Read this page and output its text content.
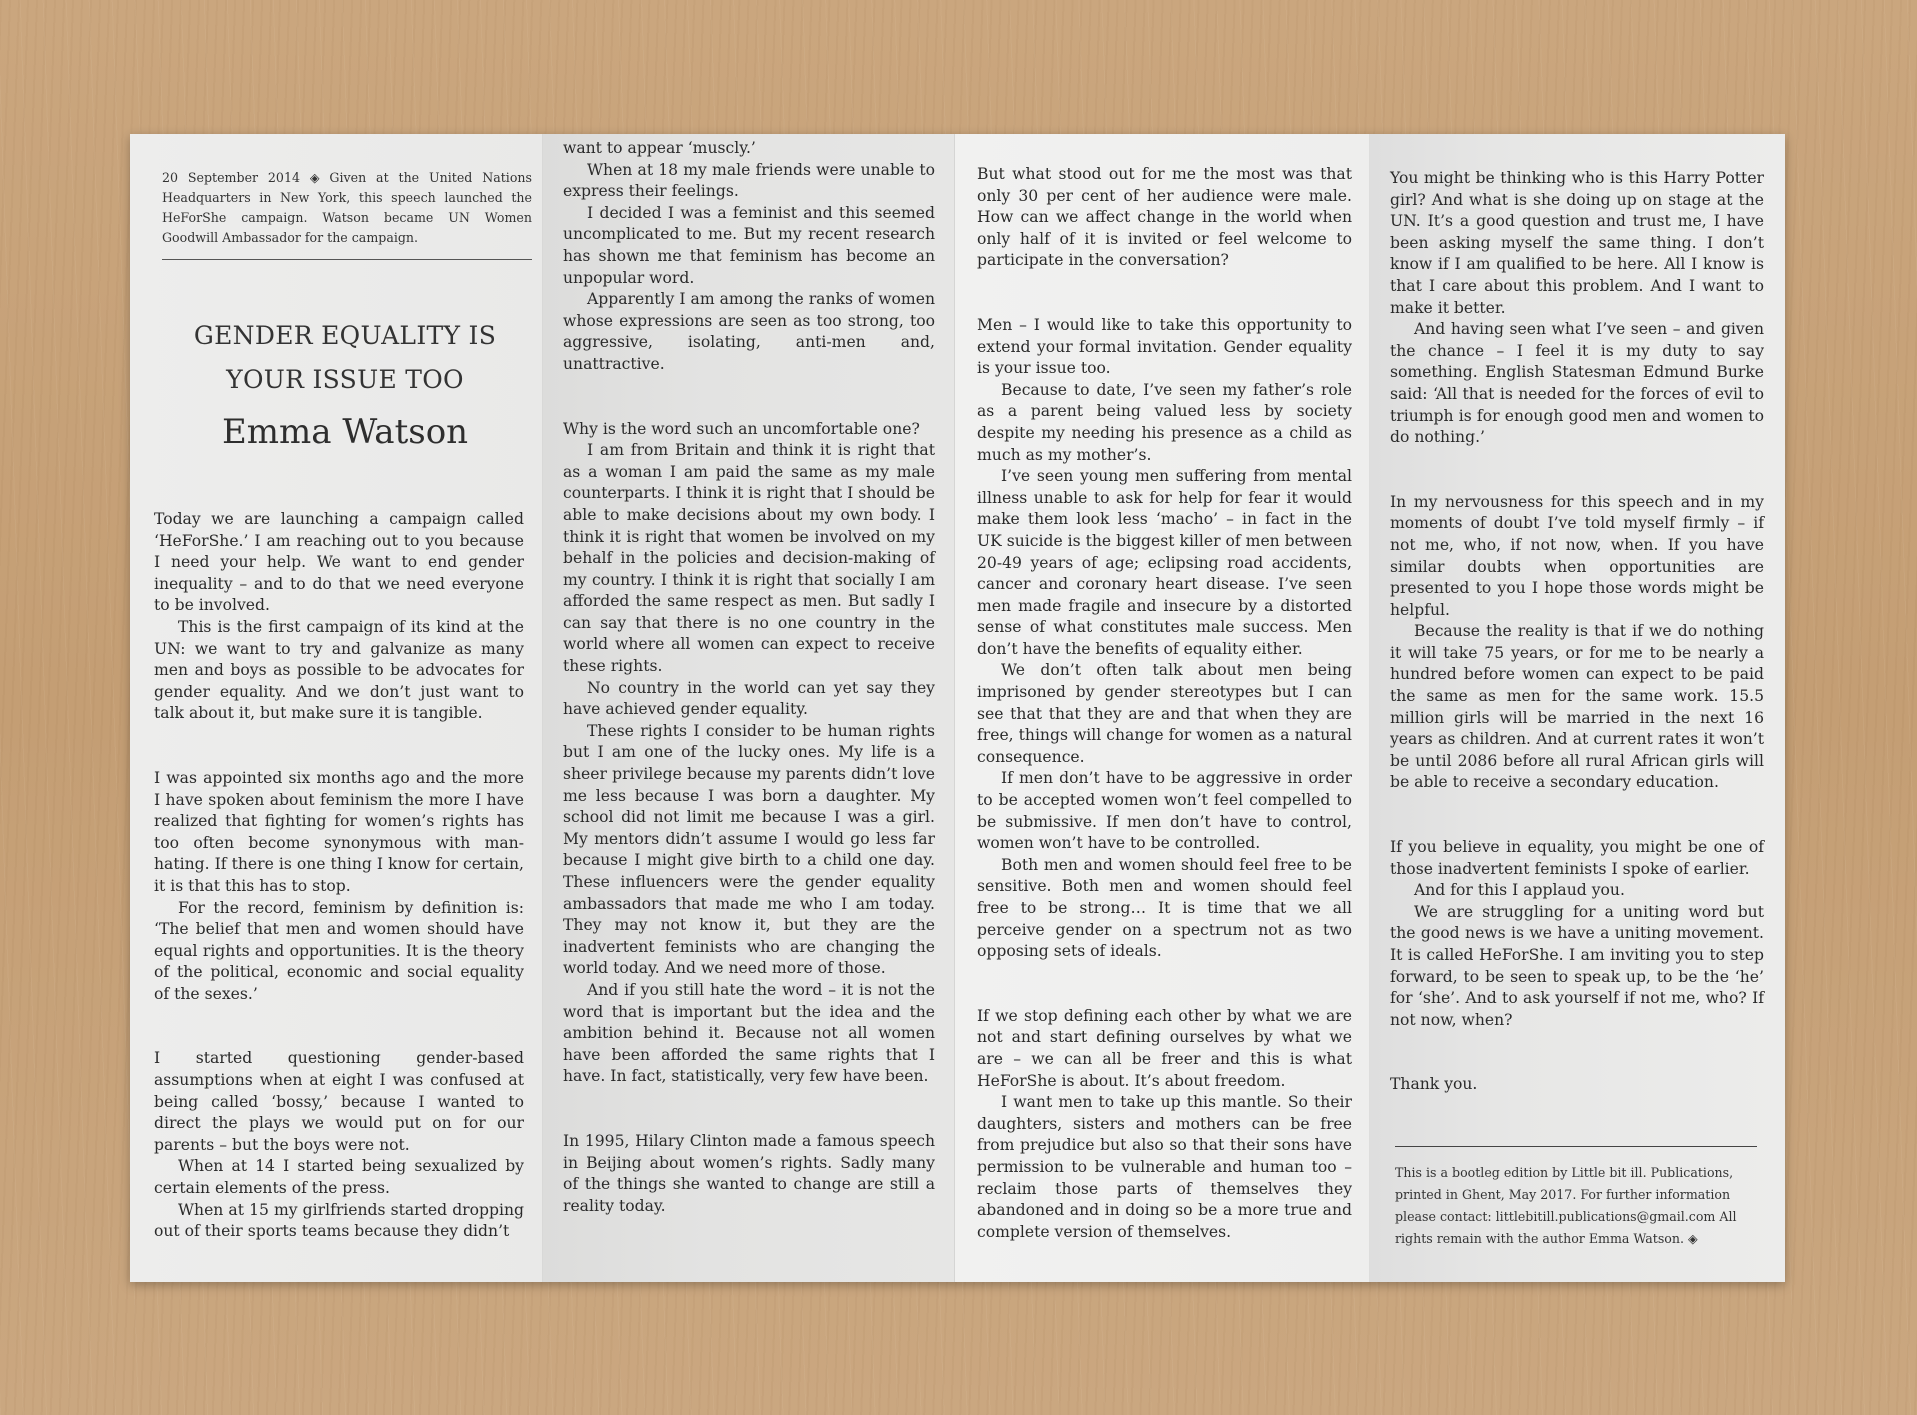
20 September 2014 ◈ Given at the United Nations Headquarters in New York, this speech launched the HeForShe campaign. Watson became UN Women Goodwill Ambassador for the campaign.
GENDER EQUALITY IS
YOUR ISSUE TOO
Emma Watson

Today we are launching a campaign called ‘HeForShe.’ I am reaching out to you because I need your help. We want to end gender inequality – and to do that we need everyone to be involved.

This is the first campaign of its kind at the UN: we want to try and galvanize as many men and boys as possible to be advocates for gender equality. And we don’t just want to talk about it, but make sure it is tangible.

I was appointed six months ago and the more I have spoken about feminism the more I have realized that fighting for women’s rights has too often become synonymous with man-hating. If there is one thing I know for certain, it is that this has to stop.

For the record, feminism by definition is: ‘The belief that men and women should have equal rights and opportunities. It is the theory of the political, economic and social equality of the sexes.’

I started questioning gender-based assumptions when at eight I was confused at being called ‘bossy,’ because I wanted to direct the plays we would put on for our parents – but the boys were not.

When at 14 I started being sexualized by certain elements of the press.

When at 15 my girlfriends started dropping out of their sports teams because they didn’t

want to appear ‘muscly.’

When at 18 my male friends were unable to express their feelings.

I decided I was a feminist and this seemed uncomplicated to me. But my recent research has shown me that feminism has become an unpopular word.

Apparently I am among the ranks of women whose expressions are seen as too strong, too aggressive, isolating, anti-men and, unattractive.

Why is the word such an uncomfortable one?

I am from Britain and think it is right that as a woman I am paid the same as my male counterparts. I think it is right that I should be able to make decisions about my own body. I think it is right that women be involved on my behalf in the policies and decision-making of my country. I think it is right that socially I am afforded the same respect as men. But sadly I can say that there is no one country in the world where all women can expect to receive these rights.

No country in the world can yet say they have achieved gender equality.

These rights I consider to be human rights but I am one of the lucky ones. My life is a sheer privilege because my parents didn’t love me less because I was born a daughter. My school did not limit me because I was a girl. My mentors didn’t assume I would go less far because I might give birth to a child one day. These influencers were the gender equality ambassadors that made me who I am today. They may not know it, but they are the inadvertent feminists who are changing the world today. And we need more of those.

And if you still hate the word – it is not the word that is important but the idea and the ambition behind it. Because not all women have been afforded the same rights that I have. In fact, statistically, very few have been.

In 1995, Hilary Clinton made a famous speech in Beijing about women’s rights. Sadly many of the things she wanted to change are still a reality today.

But what stood out for me the most was that only 30 per cent of her audience were male. How can we affect change in the world when only half of it is invited or feel welcome to participate in the conversation?

Men – I would like to take this opportunity to extend your formal invitation. Gender equality is your issue too.

Because to date, I’ve seen my father’s role as a parent being valued less by society despite my needing his presence as a child as much as my mother’s.

I’ve seen young men suffering from mental illness unable to ask for help for fear it would make them look less ‘macho’ – in fact in the UK suicide is the biggest killer of men between 20-49 years of age; eclipsing road accidents, cancer and coronary heart disease. I’ve seen men made fragile and insecure by a distorted sense of what constitutes male success. Men don’t have the benefits of equality either.

We don’t often talk about men being imprisoned by gender stereotypes but I can see that that they are and that when they are free, things will change for women as a natural consequence.

If men don’t have to be aggressive in order to be accepted women won’t feel compelled to be submissive. If men don’t have to control, women won’t have to be controlled.

Both men and women should feel free to be sensitive. Both men and women should feel free to be strong… It is time that we all perceive gender on a spectrum not as two opposing sets of ideals.

If we stop defining each other by what we are not and start defining ourselves by what we are – we can all be freer and this is what HeForShe is about. It’s about freedom.

I want men to take up this mantle. So their daughters, sisters and mothers can be free from prejudice but also so that their sons have permission to be vulnerable and human too – reclaim those parts of themselves they abandoned and in doing so be a more true and complete version of themselves.

You might be thinking who is this Harry Potter girl? And what is she doing up on stage at the UN. It’s a good question and trust me, I have been asking myself the same thing. I don’t know if I am qualified to be here. All I know is that I care about this problem. And I want to make it better.

And having seen what I’ve seen – and given the chance – I feel it is my duty to say something. English Statesman Edmund Burke said: ‘All that is needed for the forces of evil to triumph is for enough good men and women to do nothing.’

In my nervousness for this speech and in my moments of doubt I’ve told myself firmly – if not me, who, if not now, when. If you have similar doubts when opportunities are presented to you I hope those words might be helpful.

Because the reality is that if we do nothing it will take 75 years, or for me to be nearly a hundred before women can expect to be paid the same as men for the same work. 15.5 million girls will be married in the next 16 years as children. And at current rates it won’t be until 2086 before all rural African girls will be able to receive a secondary education.

If you believe in equality, you might be one of those inadvertent feminists I spoke of earlier.

And for this I applaud you.

We are struggling for a uniting word but the good news is we have a uniting movement. It is called HeForShe. I am inviting you to step forward, to be seen to speak up, to be the ‘he’ for ‘she’. And to ask yourself if not me, who? If not now, when?

Thank you.

This is a bootleg edition by Little bit ill. Publications, printed in Ghent, May 2017. For further information please contact: littlebitill.publications@gmail.com All rights remain with the author Emma Watson. ◈
